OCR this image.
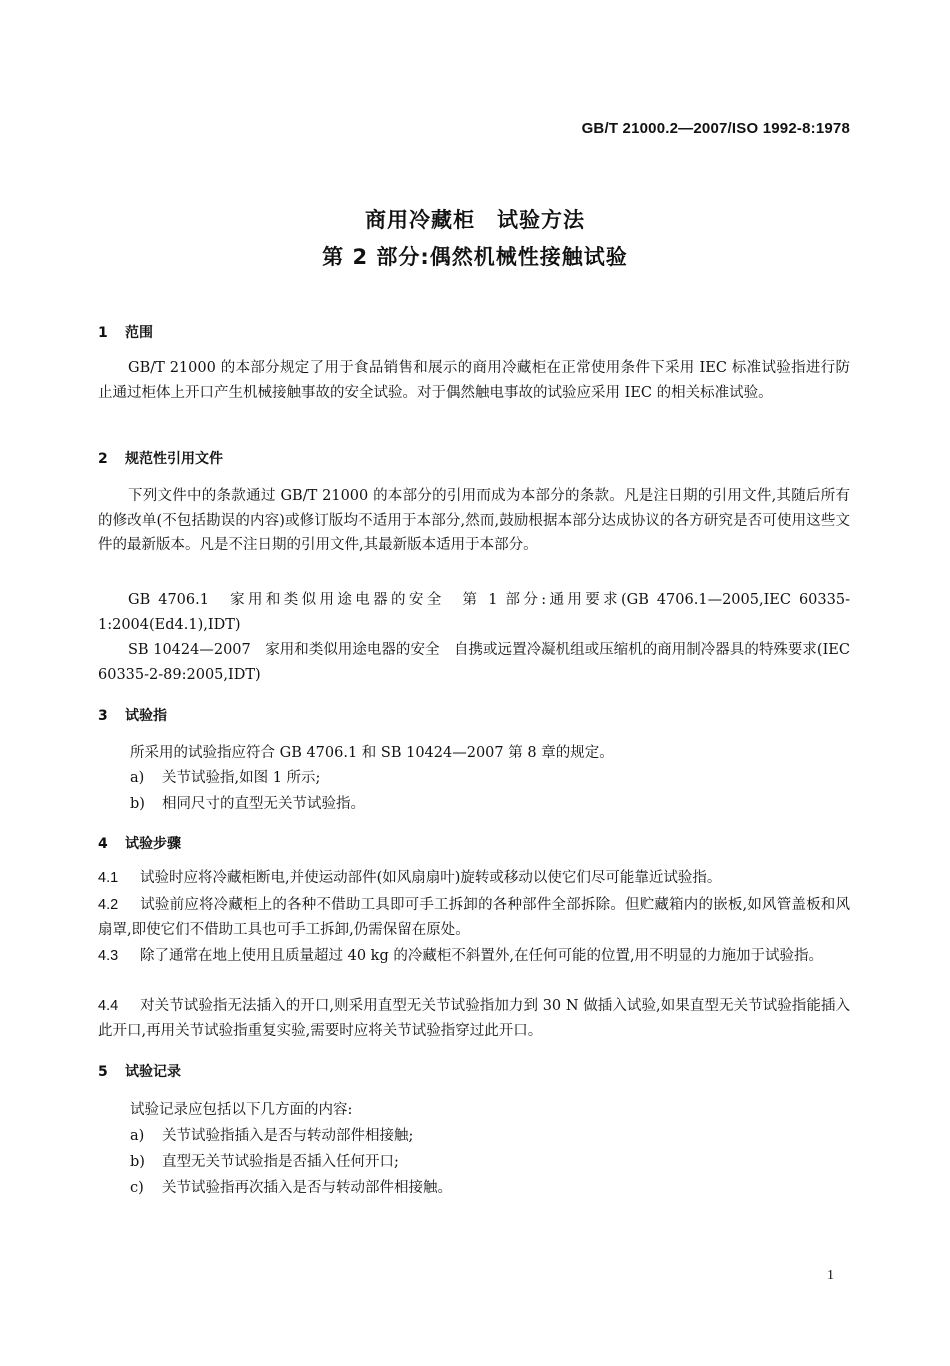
GB/T 21000.2—2007/ISO 1992-8:1978
商用冷藏柜　试验方法
第 2 部分:偶然机械性接触试验
1 范围
GB/T 21000 的本部分规定了用于食品销售和展示的商用冷藏柜在正常使用条件下采用 IEC 标准试验指进行防止通过柜体上开口产生机械接触事故的安全试验。对于偶然触电事故的试验应采用 IEC 的相关标准试验。
2 规范性引用文件
下列文件中的条款通过 GB/T 21000 的本部分的引用而成为本部分的条款。凡是注日期的引用文件,其随后所有的修改单(不包括勘误的内容)或修订版均不适用于本部分,然而,鼓励根据本部分达成协议的各方研究是否可使用这些文件的最新版本。凡是不注日期的引用文件,其最新版本适用于本部分。
GB 4706.1　家用和类似用途电器的安全　第 1 部分:通用要求(GB 4706.1—2005,IEC 60335-1:2004(Ed4.1),IDT)
SB 10424—2007　家用和类似用途电器的安全　自携或远置冷凝机组或压缩机的商用制冷器具的特殊要求(IEC 60335-2-89:2005,IDT)
3 试验指
所采用的试验指应符合 GB 4706.1 和 SB 10424—2007 第 8 章的规定。
a) 关节试验指,如图 1 所示;
b) 相同尺寸的直型无关节试验指。
4 试验步骤
4.1 试验时应将冷藏柜断电,并使运动部件(如风扇扇叶)旋转或移动以使它们尽可能靠近试验指。
4.2 试验前应将冷藏柜上的各种不借助工具即可手工拆卸的各种部件全部拆除。但贮藏箱内的嵌板,如风管盖板和风扇罩,即使它们不借助工具也可手工拆卸,仍需保留在原处。
4.3 除了通常在地上使用且质量超过 40 kg 的冷藏柜不斜置外,在任何可能的位置,用不明显的力施加于试验指。
4.4 对关节试验指无法插入的开口,则采用直型无关节试验指加力到 30 N 做插入试验,如果直型无关节试验指能插入此开口,再用关节试验指重复实验,需要时应将关节试验指穿过此开口。
5 试验记录
试验记录应包括以下几方面的内容:
a) 关节试验指插入是否与转动部件相接触;
b) 直型无关节试验指是否插入任何开口;
c) 关节试验指再次插入是否与转动部件相接触。
1
